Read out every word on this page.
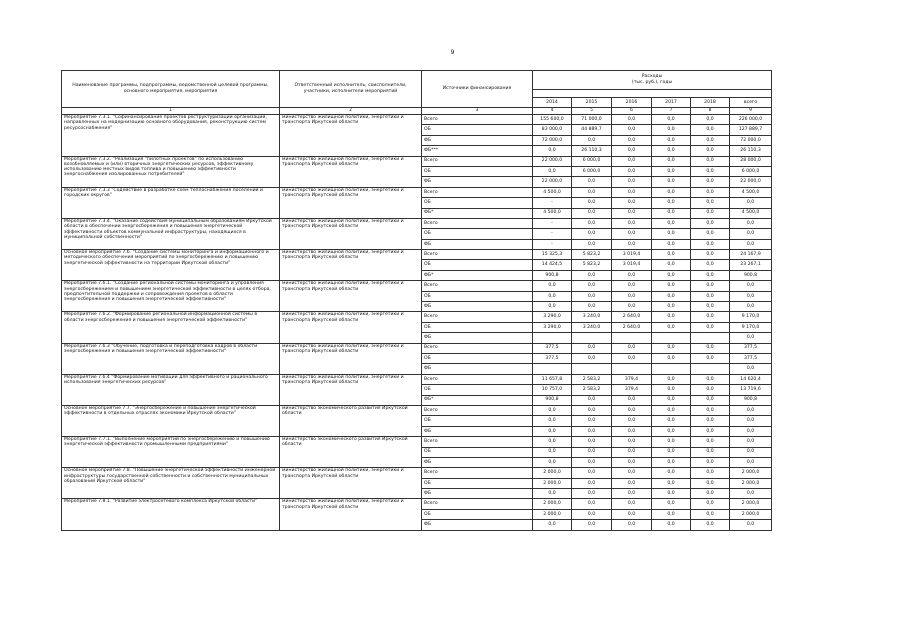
9
Наименование программы, подпрограммы, ведомственной целевой программы, основного мероприятия, мероприятия	Ответственный исполнитель, соисполнители, участники, исполнители мероприятий	Источники финансирования	Расходы
(тыс. руб.), годы					

			2014	2015	2016	2017	2018	всего
1	2	3	4	5	6	7	8	9
Мероприятие 7.3.1. "Софинансирование проектов реструктуризации организаций, направленных на модернизацию основного оборудования, реконструкцию систем ресурсоснабжения"	министерство жилищной политики, энергетики и транспорта Иркутской области	Всего	155 600,0	71 000,0	0,0	0,0	0,0	226 000,0
		ОБ	83 000,0	44 889,7	0,0	0,0	0,0	127 889,7
		ФБ	72 000,0	0,0	0,0	0,0	0,0	72 000,0
		ФБ***	0,0	26 110,3	0,0	0,0	0,0	26 110,3
Мероприятие 7.3.2. "Реализация "пилотных проектов" по использованию возобновляемых и (или) вторичных энергетических ресурсов, эффективному использованию местных видов топлива и повышению эффективности энергоснабжения изолированных потребителей"	министерство жилищной политики, энергетики и транспорта Иркутской области	Всего	22 000,0	6 000,0	0,0	0,0	0,0	28 000,0
		ОБ	0,0	6 000,0	0,0	0,0	0,0	6 000,0
		ФБ	22 000,0	0,0	0,0	0,0	0,0	22 000,0
Мероприятие 7.3.3 "Содействие в разработке схем теплоснабжения поселений и городских округов"	министерство жилищной политики, энергетики и транспорта Иркутской области	Всего	4 500,0	0,0	0,0	0,0	0,0	4 500,0
		ОБ	-	0,0	0,0	0,0	0,0	0,0
		ФБ*	4 500,0	0,0	0,0	0,0	0,0	4 500,0
Мероприятие 7.3.4. "Оказание содействия муниципальным образованиям Иркутской области в обеспечении энергосбережения и повышения энергетической эффективности объектов коммунальной инфраструктуры, находящихся в муниципальной собственности"	министерство жилищной политики, энергетики и транспорта Иркутской области	Всего	-	0,0	0,0	0,0	0,0	0,0
		ОБ	-	0,0	0,0	0,0	0,0	0,0
		ФБ	-	0,0	0,0	0,0	0,0	0,0
Основное мероприятие 7.6. "Создание системы мониторинга и информационного и методического обеспечения мероприятий по энергосбережению и повышению энергетической эффективности на территории Иркутской области"	министерство жилищной политики, энергетики и транспорта Иркутской области	Всего	15 325,3	5 823,2	3 019,4	0,0	0,0	24 167,9
		ОБ	14 424,5	5 823,2	3 019,4	0,0	0,0	23 267,1
		ФБ*	900,8	0,0	0,0	0,0	0,0	900,8
Мероприятие 7.6.1. "Создание региональной системы мониторинга и управления энергосбережением и повышением энергетической эффективности в целях отбора, предпочтительной поддержки и сопровождения проектов в области энергосбережения и повышения энергетической эффективности"	министерство жилищной политики, энергетики и транспорта Иркутской области	Всего	0,0	0,0	0,0	0,0	0,0	0,0
		ОБ	0,0	0,0	0,0	0,0	0,0	0,0
		ФБ	0,0	0,0	0,0	0,0	0,0	0,0
Мероприятие 7.6.2. "Формирование региональной информационной системы в области энергосбережения и повышения энергетической эффективности"	министерство жилищной политики, энергетики и транспорта Иркутской области	Всего	3 290,0	3 240,0	2 640,0	0,0	0,0	9 170,0
		ОБ	3 290,0	3 240,0	2 640,0	0,0	0,0	9 170,0
		ФБ						0,0
Мероприятие 7.6.3 "Обучение, подготовка и переподготовка кадров в области энергосбережения и повышения энергетической эффективности"	министерство жилищной политики, энергетики и транспорта Иркутской области	Всего	377,5	0,0	0,0	0,0	0,0	377,5
		ОБ	377,5	0,0	0,0	0,0	0,0	377,5
		ФБ						0,0
Мероприятие 7.6.4 "Формирование мотивации для эффективного и рационального использования энергетических ресурсов"	министерство жилищной политики, энергетики и транспорта Иркутской области	Всего	11 657,8	2 583,2	379,4	0,0	0,0	14 620,4
		ОБ	10 757,0	2 583,2	379,4	0,0	0,0	13 719,6
		ФБ*	900,8	0,0	0,0	0,0	0,0	900,8
Основное мероприятие 7.7. "Энергосбережение и повышение энергетической эффективности в отдельных отраслях экономики Иркутской области"	министерство экономического развития Иркутской области	Всего	0,0	0,0	0,0	0,0	0,0	0,0
		ОБ	0,0	0,0	0,0	0,0	0,0	0,0
		ФБ	0,0	0,0	0,0	0,0	0,0	0,0
Мероприятие 7.7.1. "Выполнение мероприятий по энергосбережению и повышению энергетической эффективности промышленными предприятиями"	министерство экономического развития Иркутской области	Всего	0,0	0,0	0,0	0,0	0,0	0,0
		ОБ	0,0	0,0	0,0	0,0	0,0	0,0
		ФБ	0,0	0,0	0,0	0,0	0,0	0,0
Основное мероприятие 7.8. "Повышение энергетической эффективности инженерной инфраструктуры государственной собственности и собственности муниципальных образований Иркутской области"	министерство жилищной политики, энергетики и транспорта Иркутской области	Всего	2 000,0	0,0	0,0	0,0	0,0	2 000,0
		ОБ	2 000,0	0,0	0,0	0,0	0,0	2 000,0
		ФБ	0,0	0,0	0,0	0,0	0,0	0,0
Мероприятие 7.8.1. "Развитие электросетевого комплекса Иркутской области"	министерство жилищной политики, энергетики и транспорта Иркутской области	Всего	2 000,0	0,0	0,0	0,0	0,0	2 000,0
		ОБ	2 000,0	0,0	0,0	0,0	0,0	2 000,0
		ФБ	0,0	0,0	0,0	0,0	0,0	0,0
